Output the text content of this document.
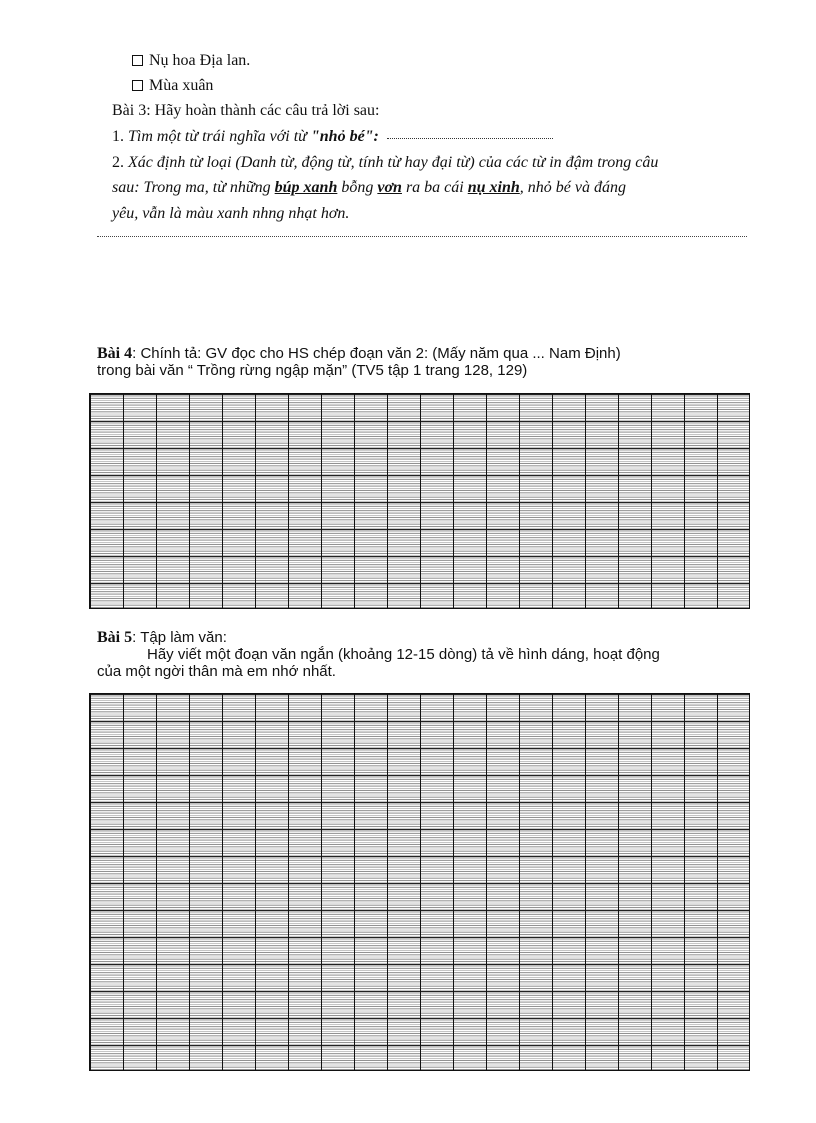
Nụ hoa Địa lan.
Mùa xuân
Bài 3: Hãy hoàn thành các câu trả lời sau:
1. Tìm một từ trái nghĩa với từ "nhỏ bé":
2. Xác định từ loại (Danh từ, động từ, tính từ hay đại từ) của các từ in đậm trong câu
sau: Trong ma, từ những búp xanh bỗng vơn ra ba cái nụ xinh, nhỏ bé và đáng
yêu, vẫn là màu xanh nhng nhạt hơn.
Bài 4: Chính tả: GV đọc cho HS chép đoạn văn 2: (Mấy năm qua ... Nam Định)
trong bài văn “ Trồng rừng ngập mặn” (TV5 tập 1 trang 128, 129)
Bài 5: Tập làm văn:
Hãy viết một đoạn văn ngắn (khoảng 12-15 dòng) tả về hình dáng, hoạt động
của một ngời thân mà em nhớ nhất.
